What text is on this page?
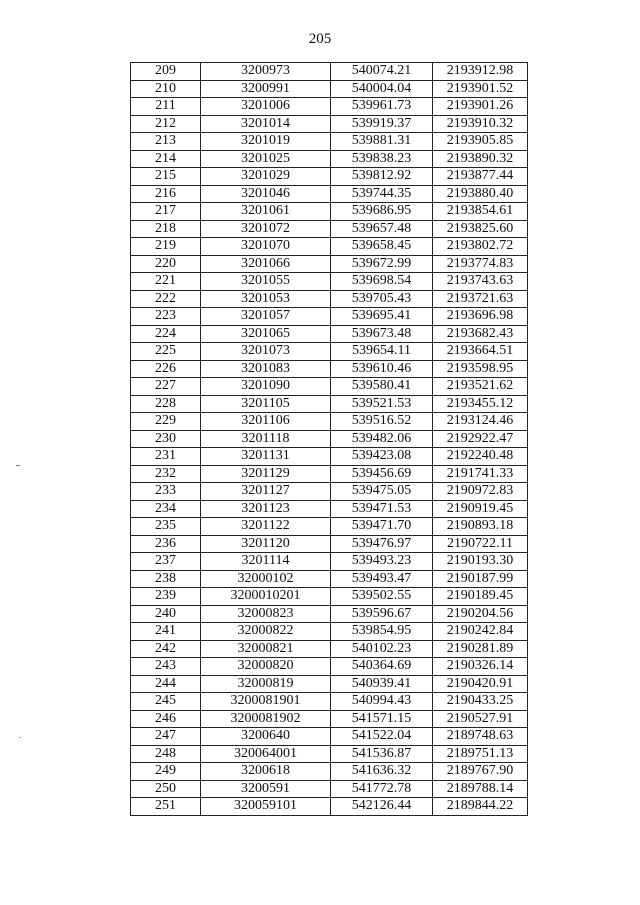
205
209	3200973	540074.21	2193912.98
210	3200991	540004.04	2193901.52
211	3201006	539961.73	2193901.26
212	3201014	539919.37	2193910.32
213	3201019	539881.31	2193905.85
214	3201025	539838.23	2193890.32
215	3201029	539812.92	2193877.44
216	3201046	539744.35	2193880.40
217	3201061	539686.95	2193854.61
218	3201072	539657.48	2193825.60
219	3201070	539658.45	2193802.72
220	3201066	539672.99	2193774.83
221	3201055	539698.54	2193743.63
222	3201053	539705.43	2193721.63
223	3201057	539695.41	2193696.98
224	3201065	539673.48	2193682.43
225	3201073	539654.11	2193664.51
226	3201083	539610.46	2193598.95
227	3201090	539580.41	2193521.62
228	3201105	539521.53	2193455.12
229	3201106	539516.52	2193124.46
230	3201118	539482.06	2192922.47
231	3201131	539423.08	2192240.48
232	3201129	539456.69	2191741.33
233	3201127	539475.05	2190972.83
234	3201123	539471.53	2190919.45
235	3201122	539471.70	2190893.18
236	3201120	539476.97	2190722.11
237	3201114	539493.23	2190193.30
238	32000102	539493.47	2190187.99
239	3200010201	539502.55	2190189.45
240	32000823	539596.67	2190204.56
241	32000822	539854.95	2190242.84
242	32000821	540102.23	2190281.89
243	32000820	540364.69	2190326.14
244	32000819	540939.41	2190420.91
245	3200081901	540994.43	2190433.25
246	3200081902	541571.15	2190527.91
247	3200640	541522.04	2189748.63
248	320064001	541536.87	2189751.13
249	3200618	541636.32	2189767.90
250	3200591	541772.78	2189788.14
251	320059101	542126.44	2189844.22
